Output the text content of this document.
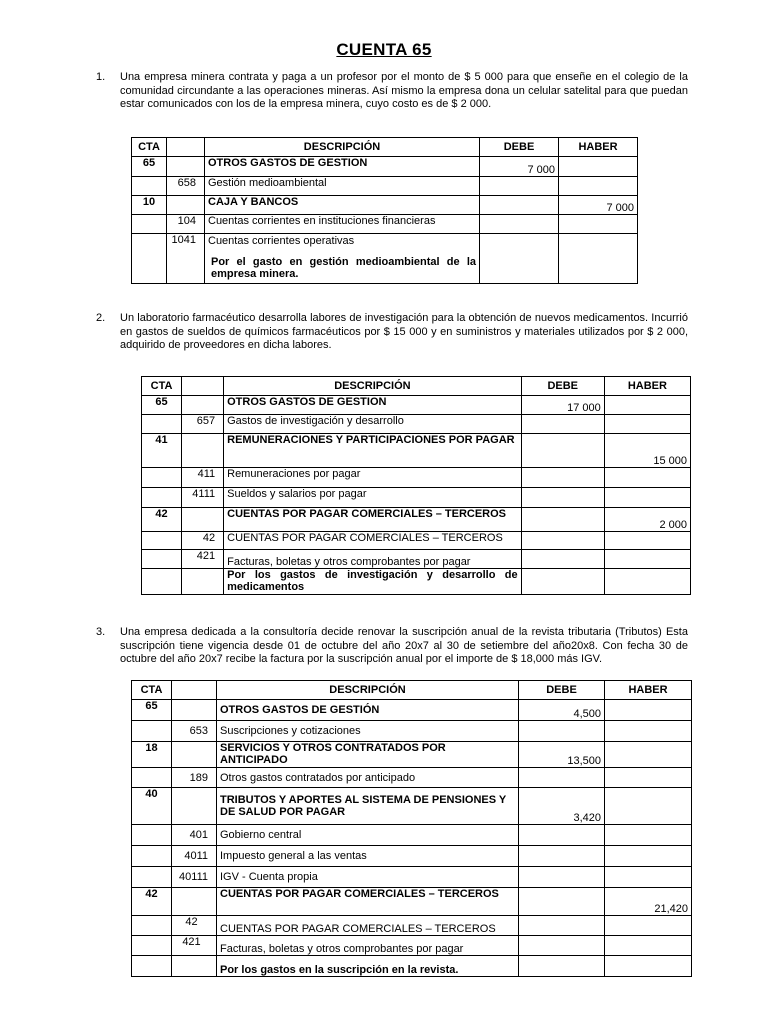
CUENTA 65
1. Una empresa minera contrata y paga a un profesor por el monto de $ 5 000 para que enseñe en el colegio de la comunidad circundante a las operaciones mineras. Así mismo la empresa dona un celular satelital para que puedan estar comunicados con los de la empresa minera, cuyo costo es de $ 2 000.
CTA		DESCRIPCIÓN	DEBE	HABER
65		OTROS GASTOS DE GESTION	7 000	
	658	Gestión medioambiental		
10		CAJA Y BANCOS		7 000
	104	Cuentas corrientes en instituciones financieras		
	1041	Cuentas corrientes operativas
Por el gasto en gestión medioambiental de la empresa minera.		

2. Un laboratorio farmacéutico desarrolla labores de investigación para la obtención de nuevos medicamentos. Incurrió en gastos de sueldos de químicos farmacéuticos por $ 15 000 y en suministros y materiales utilizados por $ 2 000, adquirido de proveedores en dicha labores.
CTA		DESCRIPCIÓN	DEBE	HABER
65		OTROS GASTOS DE GESTION	17 000	
	657	Gastos de investigación y desarrollo		
41		REMUNERACIONES Y PARTICIPACIONES POR PAGAR		15 000
	411	Remuneraciones por pagar		
	4111	Sueldos y salarios por pagar		
42		CUENTAS POR PAGAR COMERCIALES – TERCEROS		2 000
	42	CUENTAS POR PAGAR COMERCIALES – TERCEROS		
	421	Facturas, boletas y otros comprobantes por pagar		
		Por los gastos de investigación y desarrollo de medicamentos		
3. Una empresa dedicada a la consultoría decide renovar la suscripción anual de la revista tributaria (Tributos) Esta suscripción tiene vigencia desde 01 de octubre del año 20x7 al 30 de setiembre del año20x8. Con fecha 30 de octubre del año 20x7 recibe la factura por la suscripción anual por el importe de $ 18,000 más IGV.
CTA		DESCRIPCIÓN	DEBE	HABER
65		OTROS GASTOS DE GESTIÓN	4,500	
	653	Suscripciones y cotizaciones		
18		SERVICIOS Y OTROS CONTRATADOS POR ANTICIPADO	13,500	
	189	Otros gastos contratados por anticipado		
40		TRIBUTOS Y APORTES AL SISTEMA DE PENSIONES Y DE SALUD POR PAGAR	3,420	
	401	Gobierno central		
	4011	Impuesto general a las ventas		
	40111	IGV - Cuenta propia		
42		CUENTAS POR PAGAR COMERCIALES – TERCEROS		21,420
	42	CUENTAS POR PAGAR COMERCIALES – TERCEROS		
	421	Facturas, boletas y otros comprobantes por pagar		
		Por los gastos en la suscripción en la revista.		
